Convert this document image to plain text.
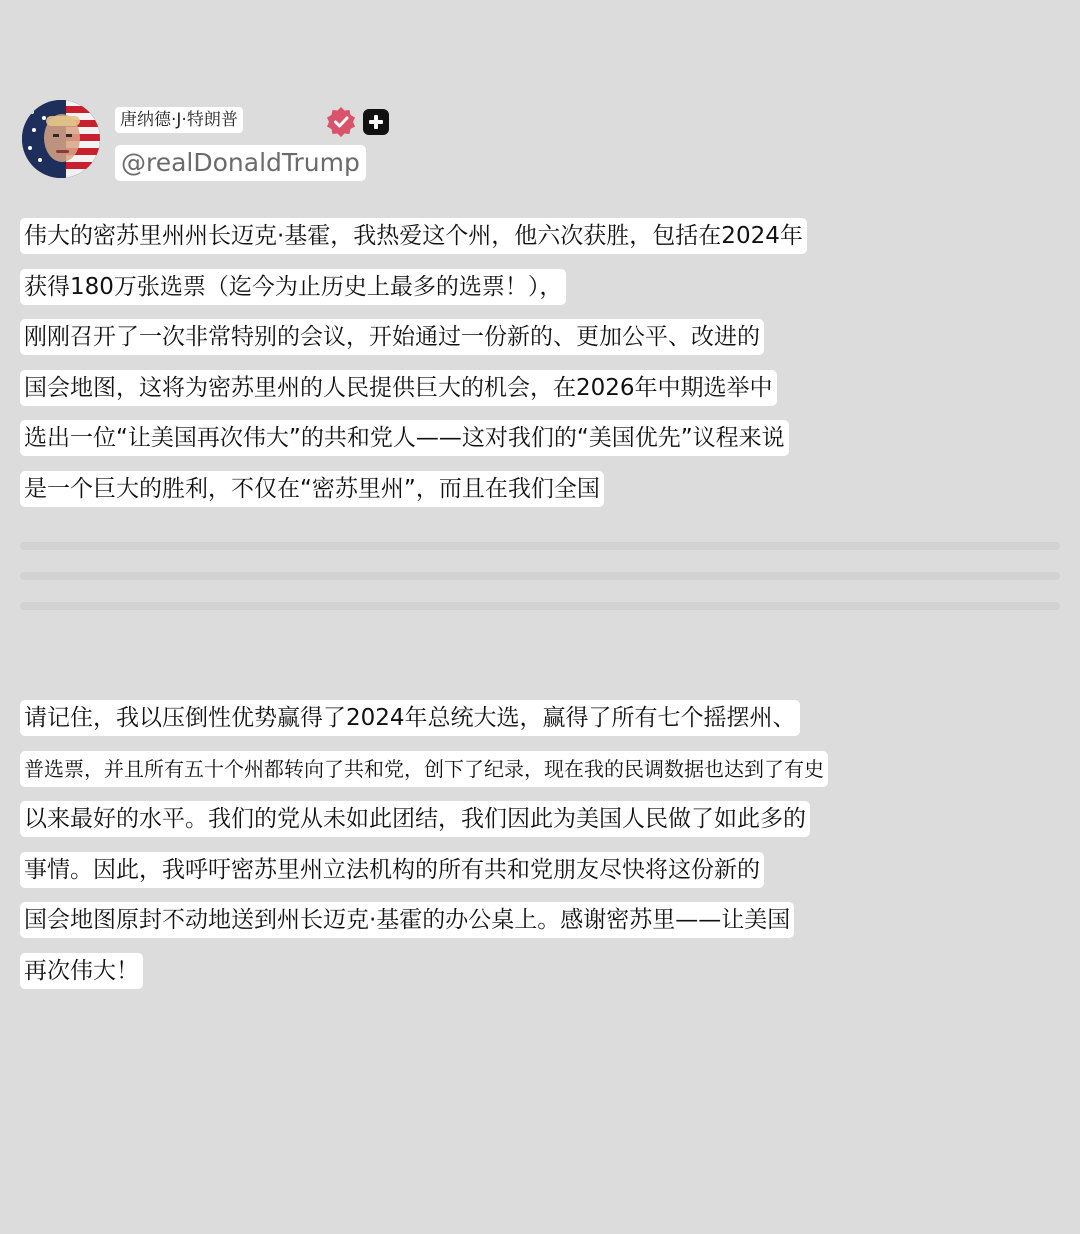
唐纳德·J·特朗普
@realDonaldTrump
伟大的密苏里州州长迈克·基霍，我热爱这个州，他六次获胜，包括在2024年
获得180万张选票（迄今为止历史上最多的选票！），
刚刚召开了一次非常特别的会议，开始通过一份新的、更加公平、改进的
国会地图，这将为密苏里州的人民提供巨大的机会，在2026年中期选举中
选出一位“让美国再次伟大”的共和党人——这对我们的“美国优先”议程来说
是一个巨大的胜利，不仅在“密苏里州”，而且在我们全国
请记住，我以压倒性优势赢得了2024年总统大选，赢得了所有七个摇摆州、
普选票，并且所有五十个州都转向了共和党，创下了纪录，现在我的民调数据也达到了有史
以来最好的水平。我们的党从未如此团结，我们因此为美国人民做了如此多的
事情。因此，我呼吁密苏里州立法机构的所有共和党朋友尽快将这份新的
国会地图原封不动地送到州长迈克·基霍的办公桌上。感谢密苏里——让美国
再次伟大！
